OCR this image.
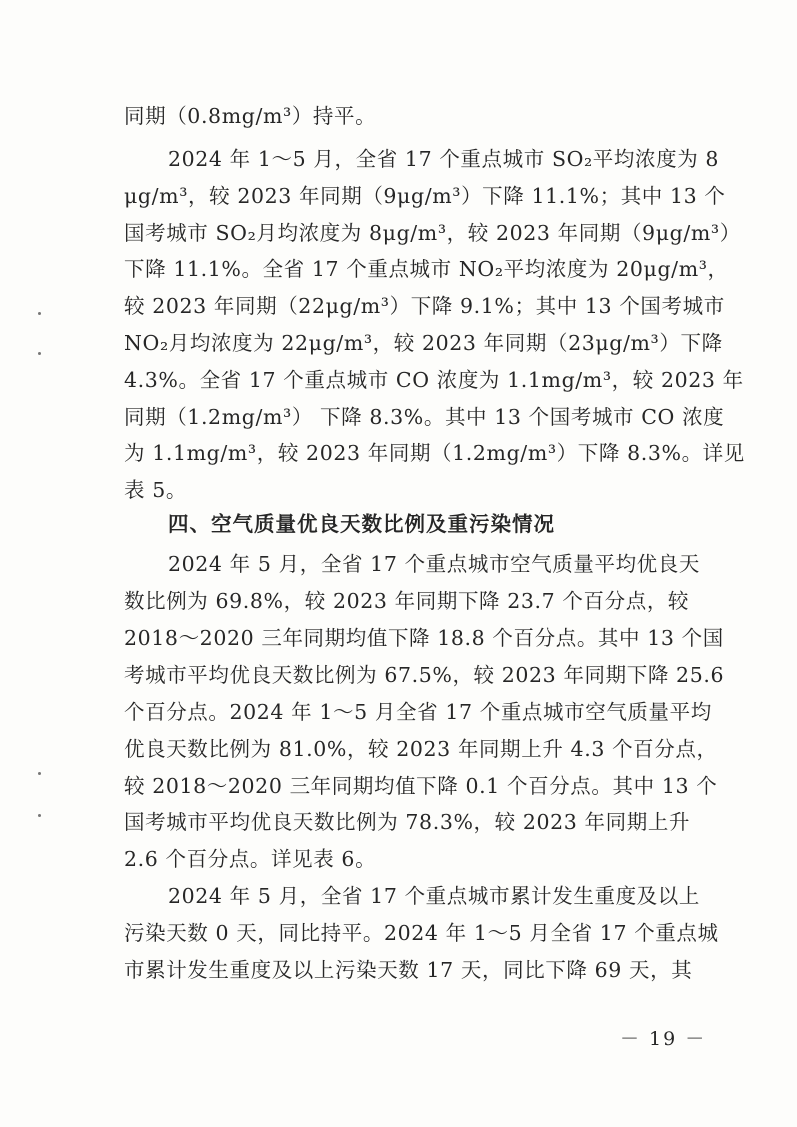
同期（0.8mg/m³）持平。
2024 年 1～5 月，全省 17 个重点城市 SO₂平均浓度为 8
μg/m³，较 2023 年同期（9μg/m³）下降 11.1%；其中 13 个
国考城市 SO₂月均浓度为 8μg/m³，较 2023 年同期（9μg/m³）
下降 11.1%。全省 17 个重点城市 NO₂平均浓度为 20μg/m³，
较 2023 年同期（22μg/m³）下降 9.1%；其中 13 个国考城市
NO₂月均浓度为 22μg/m³，较 2023 年同期（23μg/m³）下降
4.3%。全省 17 个重点城市 CO 浓度为 1.1mg/m³，较 2023 年
同期（1.2mg/m³） 下降 8.3%。其中 13 个国考城市 CO 浓度
为 1.1mg/m³，较 2023 年同期（1.2mg/m³）下降 8.3%。详见
表 5。
四、空气质量优良天数比例及重污染情况
2024 年 5 月，全省 17 个重点城市空气质量平均优良天
数比例为 69.8%，较 2023 年同期下降 23.7 个百分点，较
2018～2020 三年同期均值下降 18.8 个百分点。其中 13 个国
考城市平均优良天数比例为 67.5%，较 2023 年同期下降 25.6
个百分点。2024 年 1～5 月全省 17 个重点城市空气质量平均
优良天数比例为 81.0%，较 2023 年同期上升 4.3 个百分点，
较 2018～2020 三年同期均值下降 0.1 个百分点。其中 13 个
国考城市平均优良天数比例为 78.3%，较 2023 年同期上升
2.6 个百分点。详见表 6。
2024 年 5 月，全省 17 个重点城市累计发生重度及以上
污染天数 0 天，同比持平。2024 年 1～5 月全省 17 个重点城
市累计发生重度及以上污染天数 17 天，同比下降 69 天，其
－ 19 －
